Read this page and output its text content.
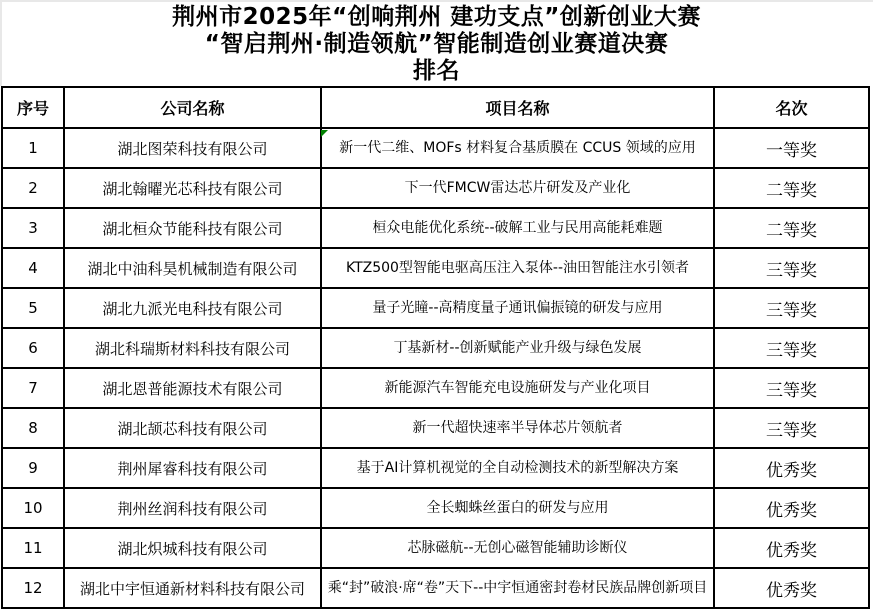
荆州市2025年“创响荆州 建功支点”创新创业大赛
“智启荆州·制造领航”智能制造创业赛道决赛
排名
序号	公司名称	项目名称	名次
1	湖北图荣科技有限公司	新一代二维、MOFs 材料复合基质膜在 CCUS 领域的应用	一等奖
2	湖北翰曜光芯科技有限公司	下一代FMCW雷达芯片研发及产业化	二等奖
3	湖北桓众节能科技有限公司	桓众电能优化系统--破解工业与民用高能耗难题	二等奖
4	湖北中油科昊机械制造有限公司	KTZ500型智能电驱高压注入泵体--油田智能注水引领者	三等奖
5	湖北九派光电科技有限公司	量子光瞳--高精度量子通讯偏振镜的研发与应用	三等奖
6	湖北科瑞斯材料科技有限公司	丁基新材--创新赋能产业升级与绿色发展	三等奖
7	湖北恩普能源技术有限公司	新能源汽车智能充电设施研发与产业化项目	三等奖
8	湖北颉芯科技有限公司	新一代超快速率半导体芯片领航者	三等奖
9	荆州犀睿科技有限公司	基于AI计算机视觉的全自动检测技术的新型解决方案	优秀奖
10	荆州丝润科技有限公司	全长蜘蛛丝蛋白的研发与应用	优秀奖
11	湖北炽城科技有限公司	芯脉磁航--无创心磁智能辅助诊断仪	优秀奖
12	湖北中宇恒通新材料科技有限公司	乘“封”破浪·席“卷”天下--中宇恒通密封卷材民族品牌创新项目	优秀奖
